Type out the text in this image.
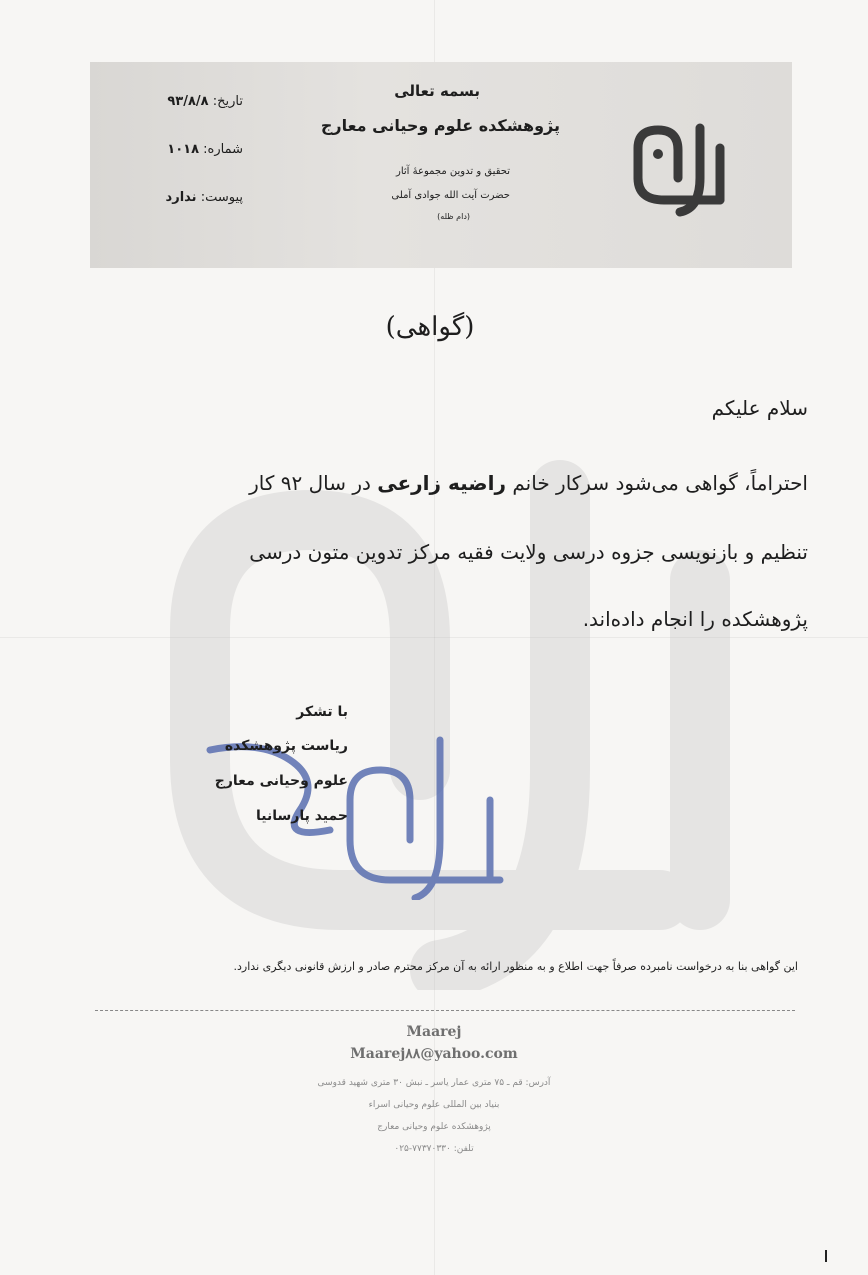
بسمه تعالی
پژوهشکده علوم وحیانی معارج
تحقیق و تدوین مجموعهٔ آثار
حضرت آیت الله جوادی آملی
(دام ظله)
تاریخ: ۹۳/۸/۸
شماره: ۱۰۱۸
پیوست: ندارد
(گواهی)
سلام علیکم
احتراماً، گواهی می‌شود سرکار خانم راضیه زارعی در سال ۹۲ کار
تنظیم و بازنویسی جزوه درسی ولایت فقیه مرکز تدوین متون درسی
پژوهشکده را انجام داده‌اند.
با تشکر
ریاست پژوهشکده
علوم وحیانی معارج
حمید پارسانیا
این گواهی بنا به درخواست نامبرده صرفاً جهت اطلاع و به منظور ارائه به آن مرکز محترم صادر و ارزش قانونی دیگری ندارد.
Maarej
Maarej۸۸@yahoo.com
آدرس: قم ـ ۷۵ متری عمار یاسر ـ نبش ۳۰ متری شهید قدوسی
بنیاد بین المللی علوم وحیانی اسراء
پژوهشکده علوم وحیانی معارج
تلفن: ۷۷۳۷۰۳۳۰-۰۲۵
